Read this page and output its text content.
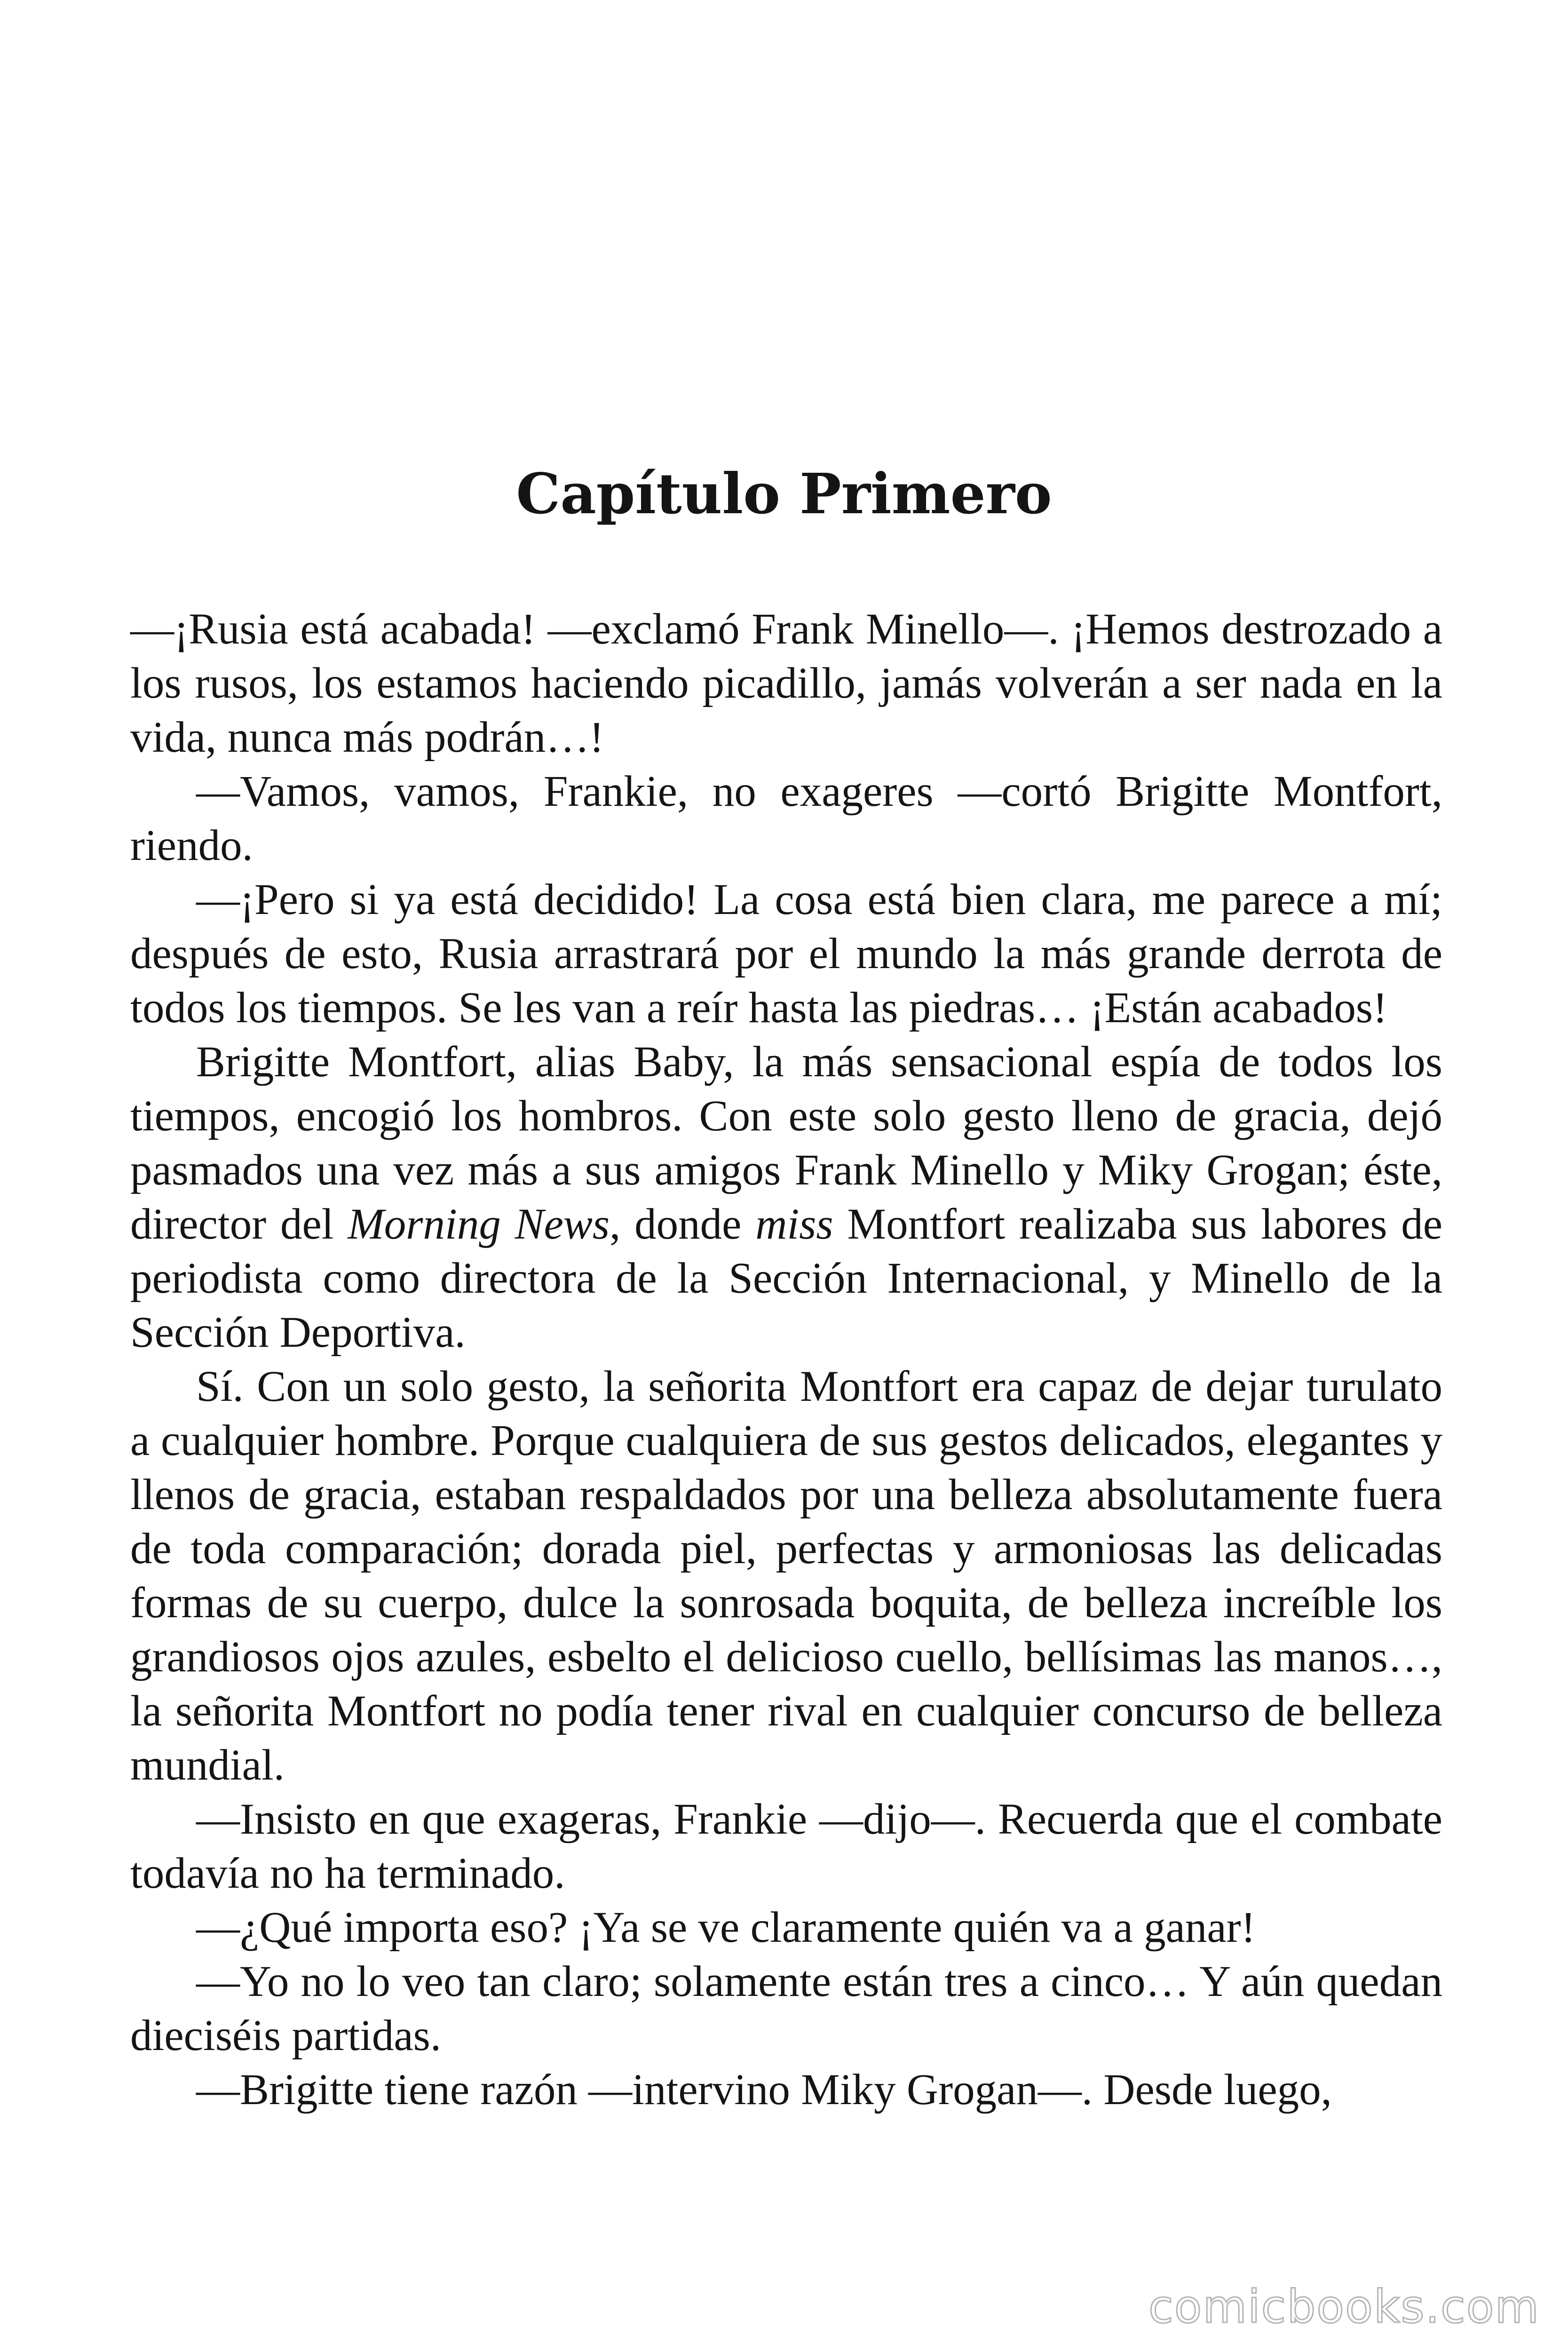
Capítulo Primero

—¡Rusia está acabada! —exclamó Frank Minello—. ¡Hemos destrozado a los rusos, los estamos haciendo picadillo, jamás volverán a ser nada en la vida, nunca más podrán…!

—Vamos, vamos, Frankie, no exageres —cortó Brigitte Montfort, riendo.

—¡Pero si ya está decidido! La cosa está bien clara, me parece a mí; después de esto, Rusia arrastrará por el mundo la más grande derrota de todos los tiempos. Se les van a reír hasta las piedras… ¡Están acabados!

Brigitte Montfort, alias Baby, la más sensacional espía de todos los tiempos, encogió los hombros. Con este solo gesto lleno de gracia, dejó pasmados una vez más a sus amigos Frank Minello y Miky Grogan; éste, director del Morning News, donde miss Montfort realizaba sus labores de periodista como directora de la Sección Internacional, y Minello de la Sección Deportiva.

Sí. Con un solo gesto, la señorita Montfort era capaz de dejar turulato a cualquier hombre. Porque cualquiera de sus gestos delicados, elegantes y llenos de gracia, estaban respaldados por una belleza absolutamente fuera de toda comparación; dorada piel, perfectas y armoniosas las delicadas formas de su cuerpo, dulce la sonrosada boquita, de belleza increíble los grandiosos ojos azules, esbelto el delicioso cuello, bellísimas las manos…, la señorita Montfort no podía tener rival en cualquier concurso de belleza mundial.

—Insisto en que exageras, Frankie —dijo—. Recuerda que el combate todavía no ha terminado.

—¿Qué importa eso? ¡Ya se ve claramente quién va a ganar!

—Yo no lo veo tan claro; solamente están tres a cinco… Y aún quedan dieciséis partidas.

—Brigitte tiene razón —intervino Miky Grogan—. Desde luego,

comicbooks.com
